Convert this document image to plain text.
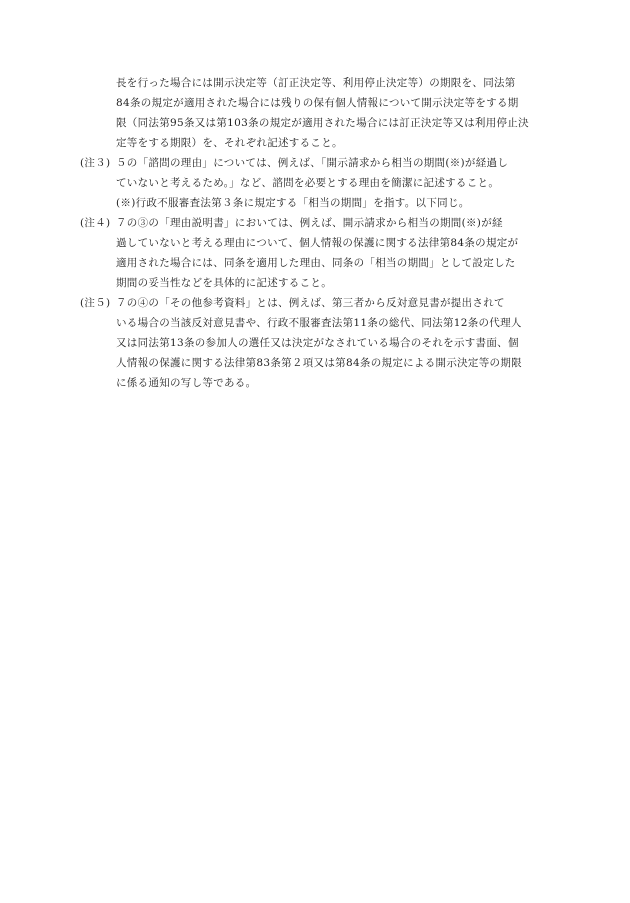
長を行った場合には開示決定等（訂正決定等、利用停止決定等）の期限を、同法第
84条の規定が適用された場合には残りの保有個人情報について開示決定等をする期
限（同法第95条又は第103条の規定が適用された場合には訂正決定等又は利用停止決
定等をする期限）を、それぞれ記述すること。
(注３) ５の「諮問の理由」については、例えば、「開示請求から相当の期間(※)が経過し
ていないと考えるため。」など、諮問を必要とする理由を簡潔に記述すること。
(※)行政不服審査法第３条に規定する「相当の期間」を指す。以下同じ。
(注４) ７の③の「理由説明書」においては、例えば、開示請求から相当の期間(※)が経
過していないと考える理由について、個人情報の保護に関する法律第84条の規定が
適用された場合には、同条を適用した理由、同条の「相当の期間」として設定した
期間の妥当性などを具体的に記述すること。
(注５) ７の④の「その他参考資料」とは、例えば、第三者から反対意見書が提出されて
いる場合の当該反対意見書や、行政不服審査法第11条の総代、同法第12条の代理人
又は同法第13条の参加人の選任又は決定がなされている場合のそれを示す書面、個
人情報の保護に関する法律第83条第２項又は第84条の規定による開示決定等の期限
に係る通知の写し等である。
